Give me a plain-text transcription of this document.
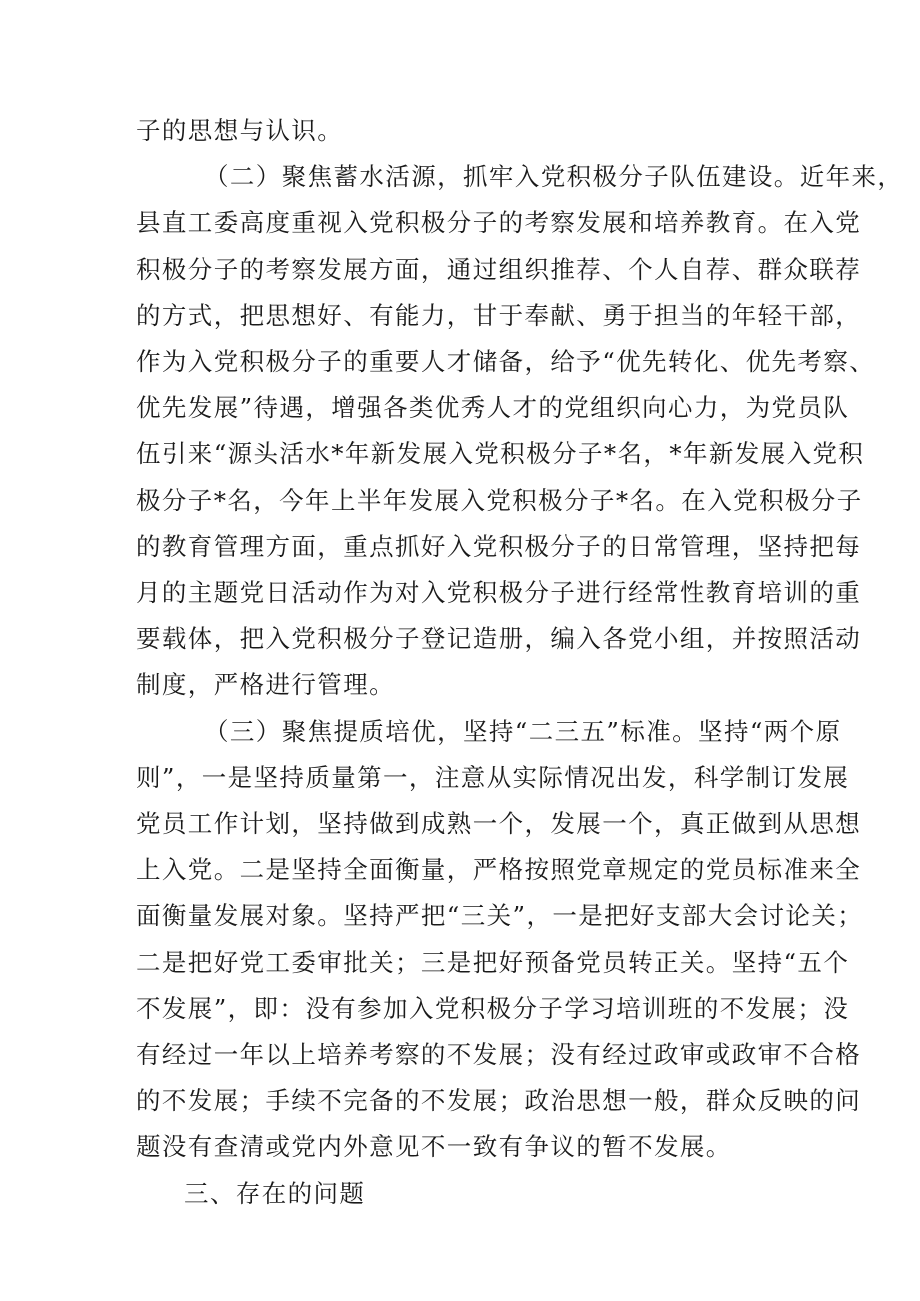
子的思想与认识。
（二）聚焦蓄水活源，抓牢入党积极分子队伍建设。近年来，
县直工委高度重视入党积极分子的考察发展和培养教育。在入党
积极分子的考察发展方面，通过组织推荐、个人自荐、群众联荐
的方式，把思想好、有能力，甘于奉献、勇于担当的年轻干部，
作为入党积极分子的重要人才储备，给予“优先转化、优先考察、
优先发展”待遇，增强各类优秀人才的党组织向心力，为党员队
伍引来“源头活水*年新发展入党积极分子*名，*年新发展入党积
极分子*名，今年上半年发展入党积极分子*名。在入党积极分子
的教育管理方面，重点抓好入党积极分子的日常管理，坚持把每
月的主题党日活动作为对入党积极分子进行经常性教育培训的重
要载体，把入党积极分子登记造册，编入各党小组，并按照活动
制度，严格进行管理。
（三）聚焦提质培优，坚持“二三五”标准。坚持“两个原
则”，一是坚持质量第一，注意从实际情况出发，科学制订发展
党员工作计划，坚持做到成熟一个，发展一个，真正做到从思想
上入党。二是坚持全面衡量，严格按照党章规定的党员标准来全
面衡量发展对象。坚持严把“三关”，一是把好支部大会讨论关；
二是把好党工委审批关；三是把好预备党员转正关。坚持“五个
不发展”，即：没有参加入党积极分子学习培训班的不发展；没
有经过一年以上培养考察的不发展；没有经过政审或政审不合格
的不发展；手续不完备的不发展；政治思想一般，群众反映的问
题没有查清或党内外意见不一致有争议的暂不发展。
三、存在的问题
